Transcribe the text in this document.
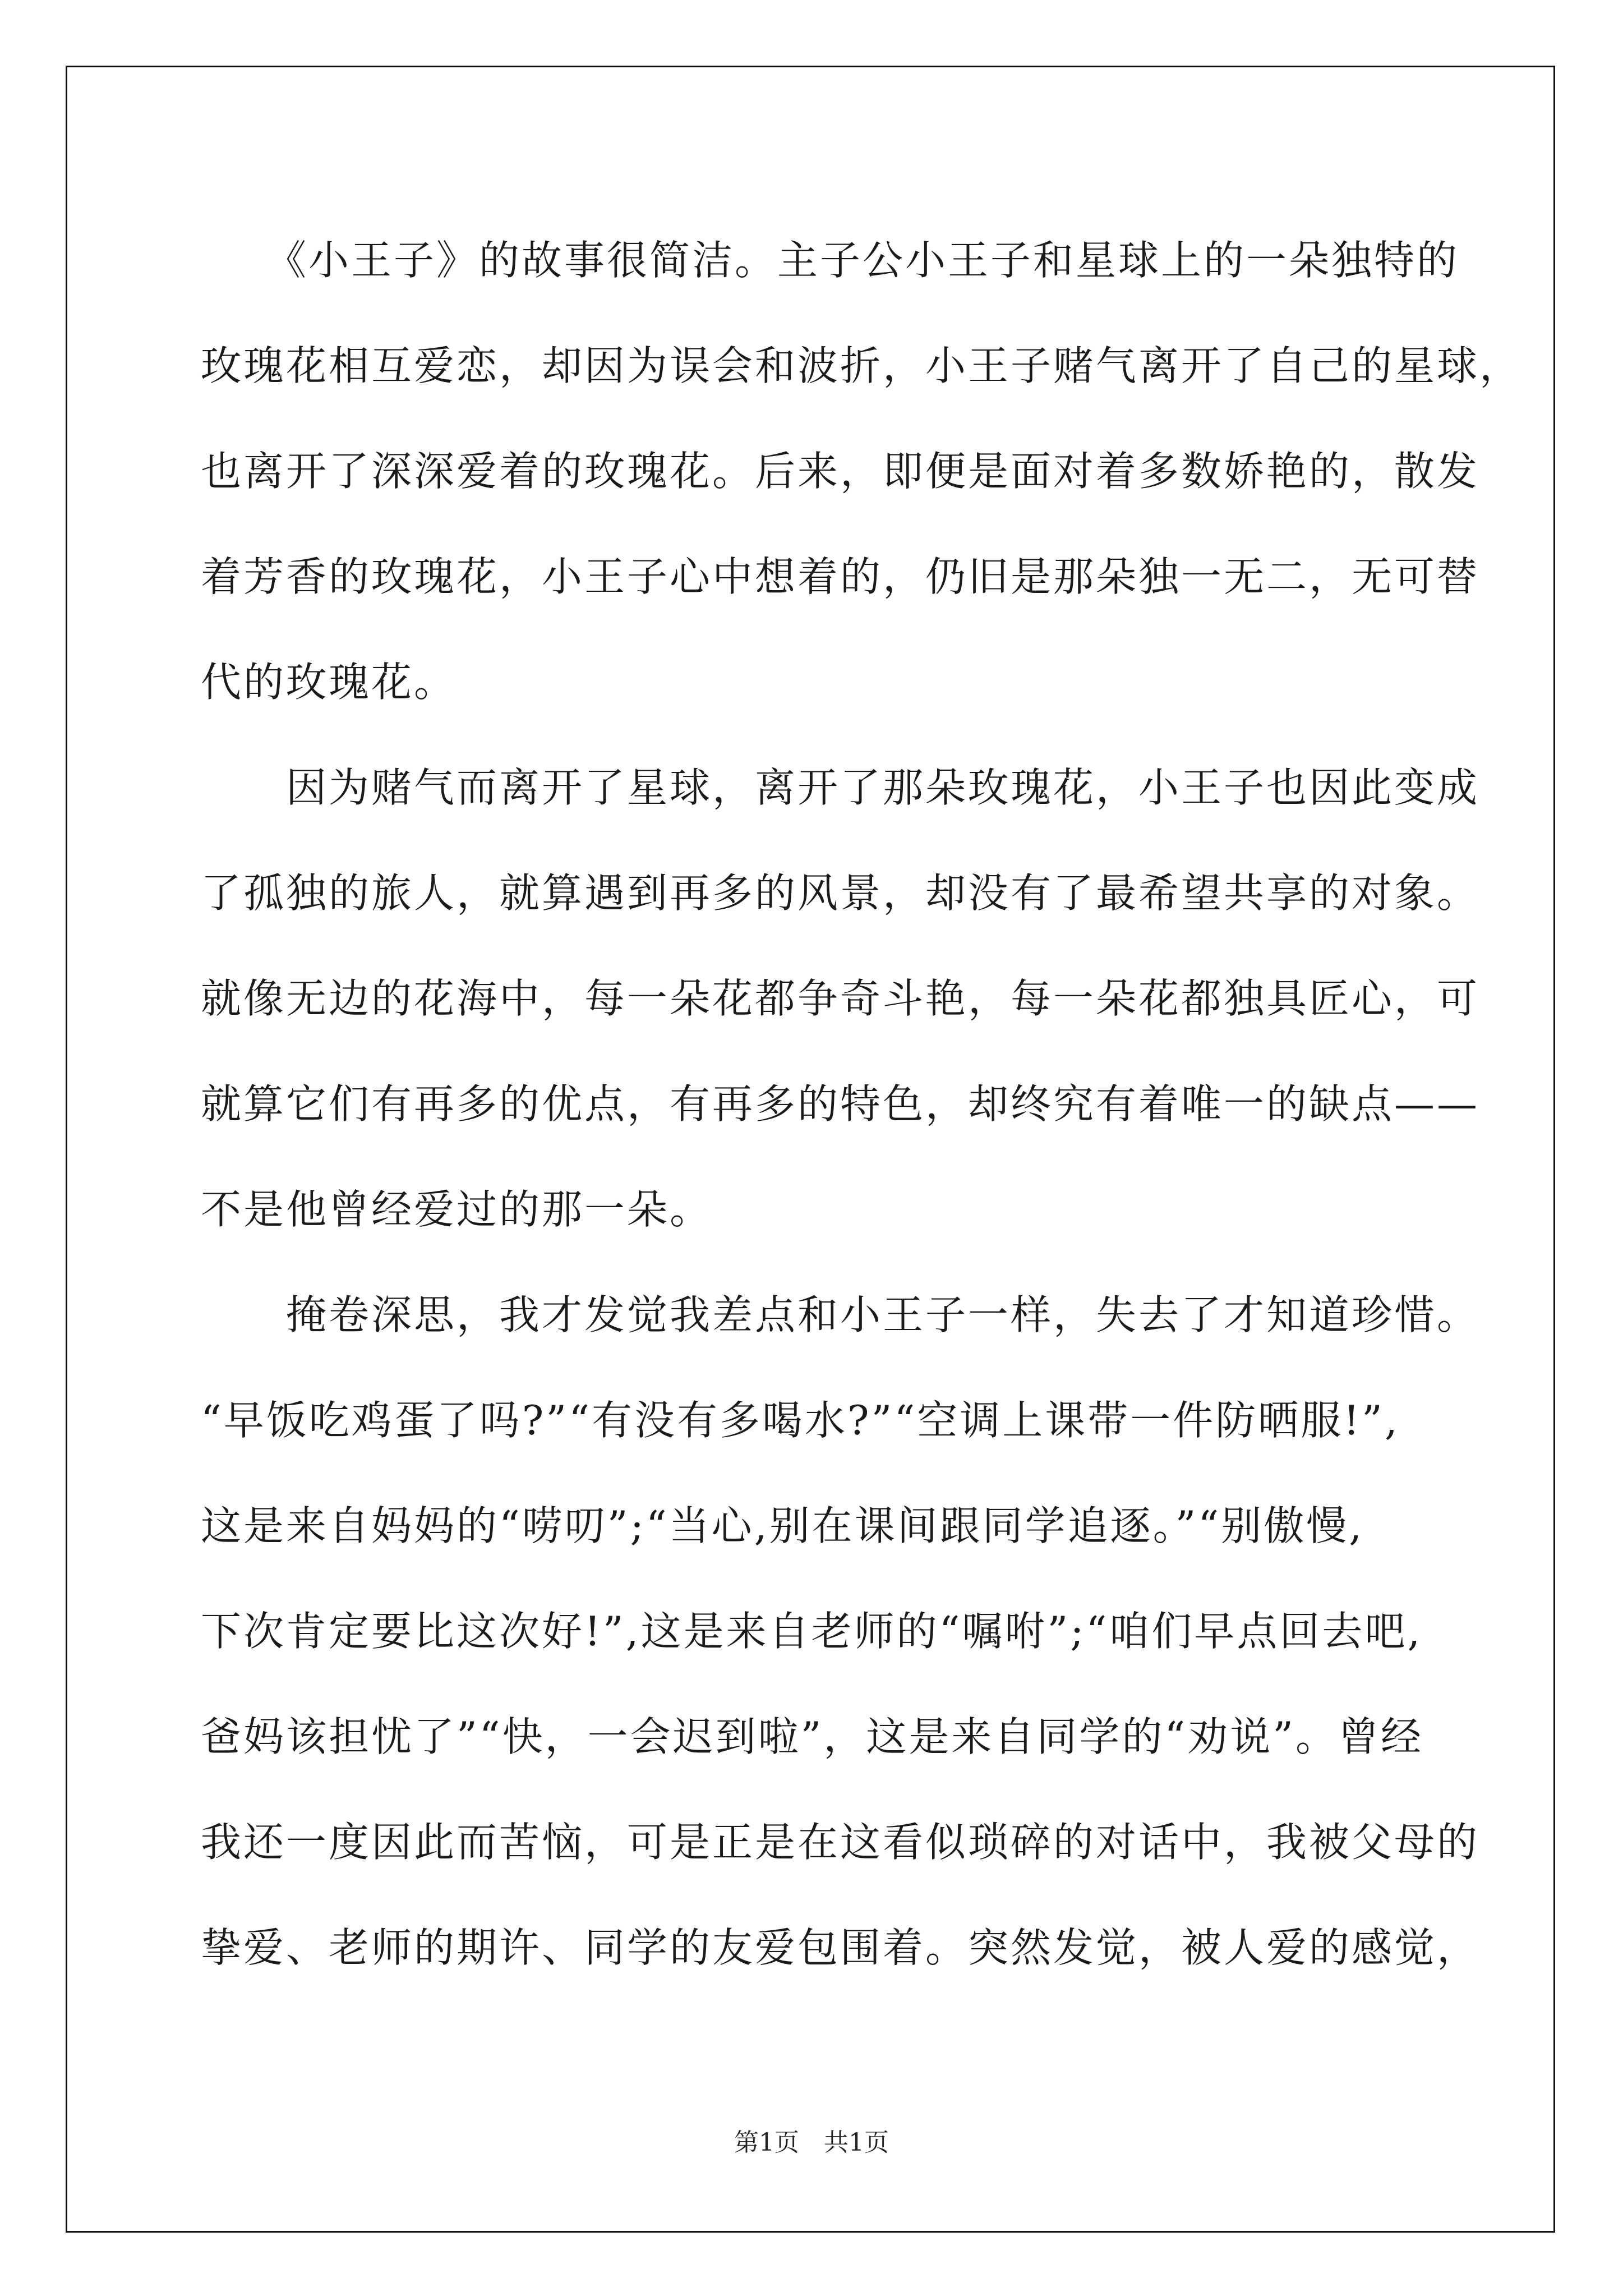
　　《小王子》的故事很简洁。主子公小王子和星球上的一朵独特的
玫瑰花相互爱恋，却因为误会和波折，小王子赌气离开了自己的星球，
也离开了深深爱着的玫瑰花。后来，即便是面对着多数娇艳的，散发
着芳香的玫瑰花，小王子心中想着的，仍旧是那朵独一无二，无可替
代的玫瑰花。
　　因为赌气而离开了星球，离开了那朵玫瑰花，小王子也因此变成
了孤独的旅人，就算遇到再多的风景，却没有了最希望共享的对象。
就像无边的花海中，每一朵花都争奇斗艳，每一朵花都独具匠心，可
就算它们有再多的优点，有再多的特色，却终究有着唯一的缺点——
不是他曾经爱过的那一朵。
　　掩卷深思，我才发觉我差点和小王子一样，失去了才知道珍惜。
“早饭吃鸡蛋了吗?”“有没有多喝水?”“空调上课带一件防晒服!”,
这是来自妈妈的“唠叨”;“当心,别在课间跟同学追逐。”“别傲慢,
下次肯定要比这次好!”,这是来自老师的“嘱咐”;“咱们早点回去吧,
爸妈该担忧了”“快，一会迟到啦”，这是来自同学的“劝说”。曾经
我还一度因此而苦恼，可是正是在这看似琐碎的对话中，我被父母的
挚爱、老师的期许、同学的友爱包围着。突然发觉，被人爱的感觉，
第1页　共1页
